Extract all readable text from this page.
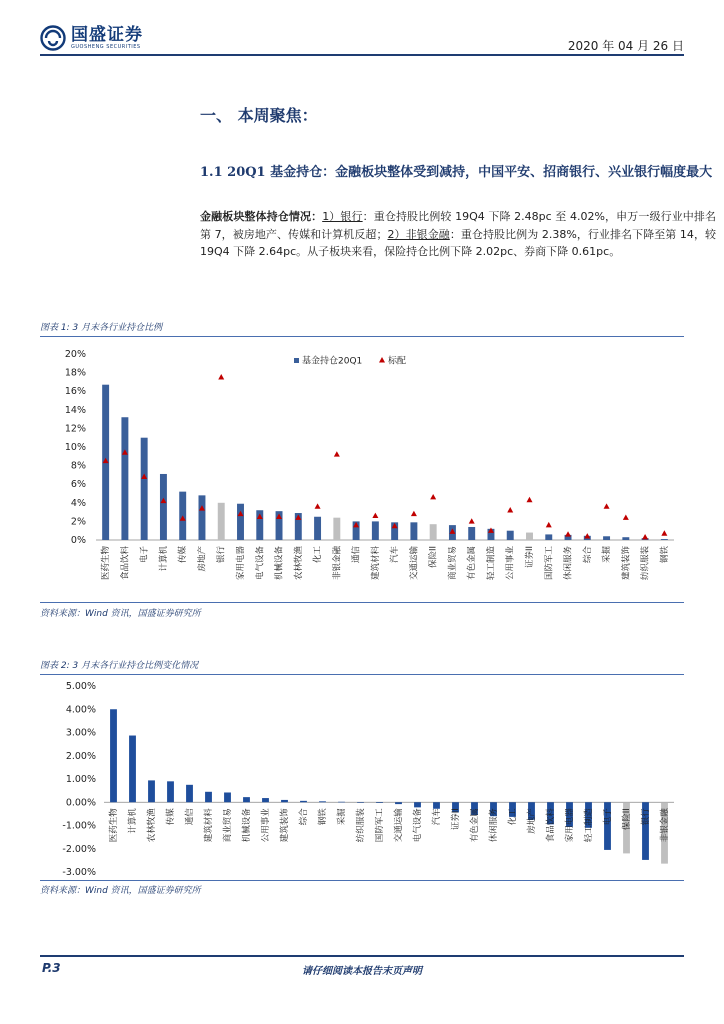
国盛证券
GUOSHENG SECURITIES	2020 年 04 月 26 日
一、 本周聚焦：
1.1 20Q1 基金持仓：金融板块整体受到减持，中国平安、招商银行、兴业银行幅度最大
金融板块整体持仓情况：1）银行：重仓持股比例较 19Q4 下降 2.48pc 至 4.02%，申万一级行业中排名第 7，被房地产、传媒和计算机反超；2）非银金融：重仓持股比例为 2.38%，行业排名下降至第 14，较 19Q4 下降 2.64pc。从子板块来看，保险持仓比例下降 2.02pc、券商下降 0.61pc。
图表 1: 3 月末各行业持仓比例
0%
2%
4%
6%
8%
10%
12%
14%
16%
18%
20%
医药生物 食品饮料 电子 计算机 传媒 房地产 银行 家用电器 电气设备 机械设备 农林牧渔 化工 非银金融 通信 建筑材料 汽车 交通运输 保险II 商业贸易 有色金属 轻工制造 公用事业 证券II 国防军工 休闲服务 综合 采掘 建筑装饰 纺织服装 钢铁
基金持仓20Q1	标配
资料来源：Wind 资讯，国盛证券研究所
图表 2: 3 月末各行业持仓比例变化情况
-3.00%
-2.00%
-1.00%
0.00%
1.00%
2.00%
3.00%
4.00%
5.00%
医药生物 计算机 农林牧渔 传媒 通信 建筑材料 商业贸易 机械设备 公用事业 建筑装饰 综合 钢铁 采掘 纺织服装 国防军工 交通运输 电气设备 汽车 证券II 有色金属 休闲服务 化工 房地产 食品饮料 家用电器 轻工制造 电子 保险II 银行 非银金融
资料来源：Wind 资讯，国盛证券研究所
P.3	请仔细阅读本报告末页声明
